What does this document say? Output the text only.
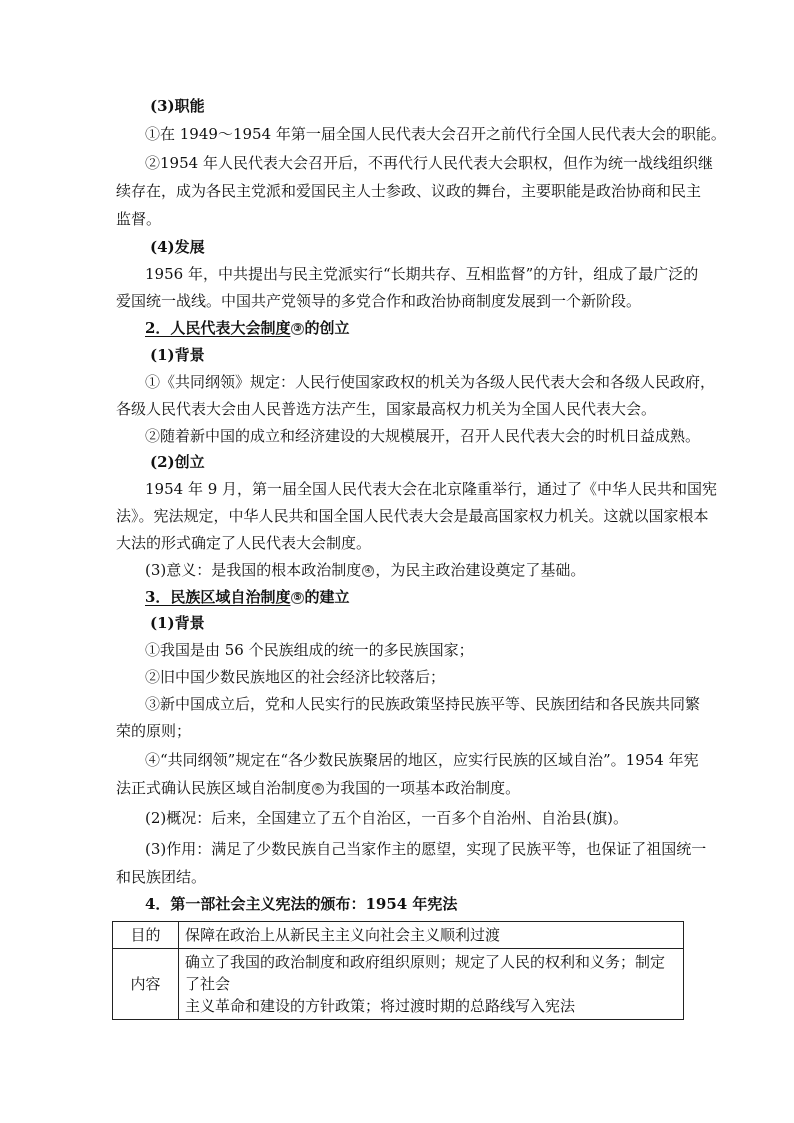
(3)职能
①在 1949～1954 年第一届全国人民代表大会召开之前代行全国人民代表大会的职能。
②1954 年人民代表大会召开后，不再代行人民代表大会职权，但作为统一战线组织继
续存在，成为各民主党派和爱国民主人士参政、议政的舞台，主要职能是政治协商和民主
监督。
(4)发展
1956 年，中共提出与民主党派实行“长期共存、互相监督”的方针，组成了最广泛的
爱国统一战线。中国共产党领导的多党合作和政治协商制度发展到一个新阶段。
2．人民代表大会制度 ③ 的创立
(1)背景
①《共同纲领》规定：人民行使国家政权的机关为各级人民代表大会和各级人民政府，
各级人民代表大会由人民普选方法产生，国家最高权力机关为全国人民代表大会。
②随着新中国的成立和经济建设的大规模展开，召开人民代表大会的时机日益成熟。
(2)创立
1954 年 9 月，第一届全国人民代表大会在北京隆重举行，通过了《中华人民共和国宪
法》。宪法规定，中华人民共和国全国人民代表大会是最高国家权力机关。这就以国家根本
大法的形式确定了人民代表大会制度。
(3)意义：是我国的根本政治制度 ④ ，为民主政治建设奠定了基础。
3．民族区域自治制度 ⑤ 的建立
(1)背景
①我国是由 56 个民族组成的统一的多民族国家；
②旧中国少数民族地区的社会经济比较落后；
③新中国成立后，党和人民实行的民族政策坚持民族平等、民族团结和各民族共同繁
荣的原则；
④“共同纲领”规定在“各少数民族聚居的地区，应实行民族的区域自治”。1954 年宪
法正式确认民族区域自治制度 ⑥ 为我国的一项基本政治制度。
(2)概况：后来，全国建立了五个自治区，一百多个自治州、自治县(旗)。
(3)作用：满足了少数民族自己当家作主的愿望，实现了民族平等，也保证了祖国统一
和民族团结。
4．第一部社会主义宪法的颁布：1954 年宪法
目的	保障在政治上从新民主主义向社会主义顺利过渡
内容	确立了我国的政治制度和政府组织原则；规定了人民的权利和义务；制定了社会
主义革命和建设的方针政策；将过渡时期的总路线写入宪法
